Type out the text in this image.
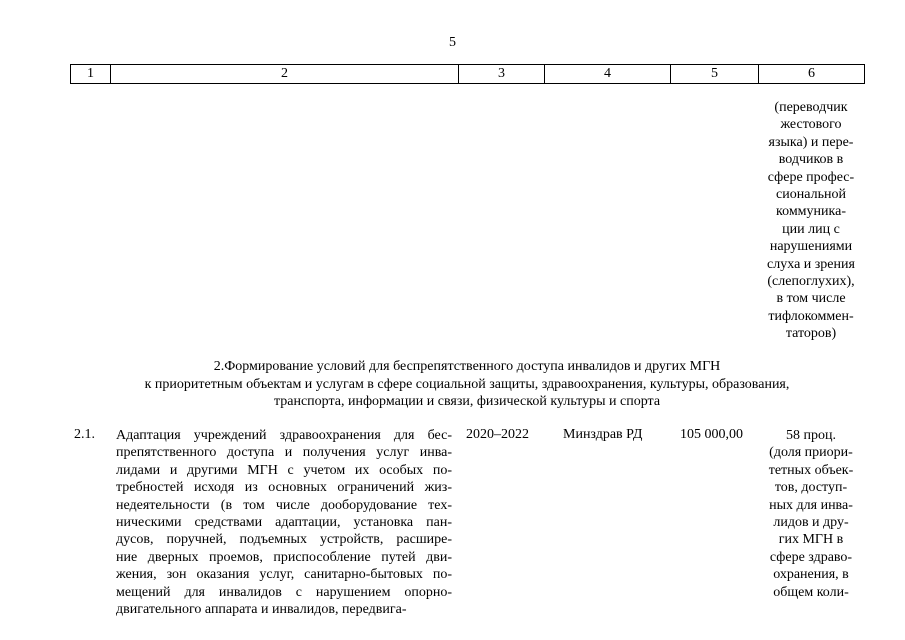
5
1	2	3	4	5	6
(переводчик
жестового
языка) и пере-
водчиков в
сфере профес-
сиональной
коммуника-
ции лиц с
нарушениями
слуха и зрения
(слепоглухих),
в том числе
тифлокоммен-
таторов)
2.Формирование условий для беспрепятственного доступа инвалидов и других МГН
к приоритетным объектам и услугам в сфере социальной защиты, здравоохранения, культуры, образования,
транспорта, информации и связи, физической культуры и спорта
2.1. Адаптация учреждений здравоохранения для бес-
препятственного доступа и получения услуг инва-
лидами и другими МГН с учетом их особых по-
требностей исходя из основных ограничений жиз-
недеятельности (в том числе дооборудование тех-
ническими средствами адаптации, установка пан-
дусов, поручней, подъемных устройств, расшире-
ние дверных проемов, приспособление путей дви-
жения, зон оказания услуг, санитарно-бытовых по-
мещений для инвалидов с нарушением опорно-
двигательного аппарата и инвалидов, передвига-
2020–2022 Минздрав РД	105 000,00	58 проц.
(доля приори-
тетных объек-
тов, доступ-
ных для инва-
лидов и дру-
гих МГН в
сфере здраво-
охранения, в
общем коли-
